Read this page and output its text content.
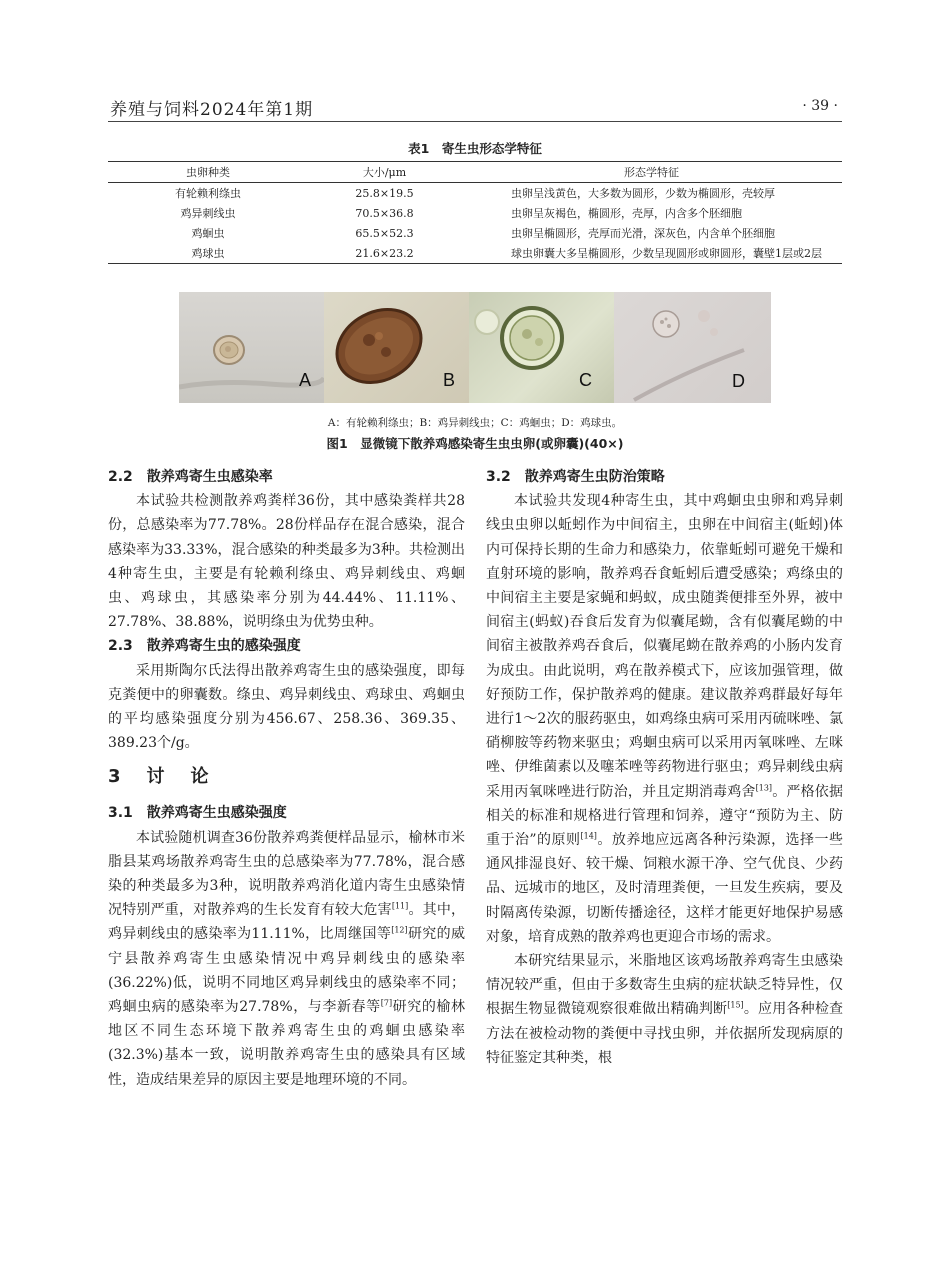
养殖与饲料2024年第1期	· 39 ·
表1　寄生虫形态学特征
虫卵种类	大小/μm	形态学特征
有轮赖利绦虫	25.8×19.5	虫卵呈浅黄色，大多数为圆形，少数为椭圆形，壳较厚
鸡异刺线虫	70.5×36.8	虫卵呈灰褐色，椭圆形，壳厚，内含多个胚细胞
鸡蛔虫	65.5×52.3	虫卵呈椭圆形，壳厚而光滑，深灰色，内含单个胚细胞
鸡球虫	21.6×23.2	球虫卵囊大多呈椭圆形，少数呈现圆形或卵圆形，囊壁1层或2层
A	B	C	D
A：有轮赖利绦虫；B：鸡异刺线虫；C：鸡蛔虫；D：鸡球虫。
图1　显微镜下散养鸡感染寄生虫虫卵(或卵囊)(40×)
2.2　散养鸡寄生虫感染率

本试验共检测散养鸡粪样36份，其中感染粪样共28份，总感染率为77.78%。28份样品存在混合感染，混合感染率为33.33%，混合感染的种类最多为3种。共检测出4种寄生虫，主要是有轮赖利绦虫、鸡异刺线虫、鸡蛔虫、鸡球虫，其感染率分别为44.44%、11.11%、27.78%、38.88%，说明绦虫为优势虫种。

2.3　散养鸡寄生虫的感染强度

采用斯陶尔氏法得出散养鸡寄生虫的感染强度，即每克粪便中的卵囊数。绦虫、鸡异刺线虫、鸡球虫、鸡蛔虫的平均感染强度分别为456.67、258.36、369.35、389.23个/g。

3　讨　论
3.1　散养鸡寄生虫感染强度

本试验随机调查36份散养鸡粪便样品显示，榆林市米脂县某鸡场散养鸡寄生虫的总感染率为77.78%，混合感染的种类最多为3种，说明散养鸡消化道内寄生虫感染情况特别严重，对散养鸡的生长发育有较大危害[11]。其中，鸡异刺线虫的感染率为11.11%，比周继国等[12]研究的威宁县散养鸡寄生虫感染情况中鸡异刺线虫的感染率(36.22%)低，说明不同地区鸡异刺线虫的感染率不同；鸡蛔虫病的感染率为27.78%，与李新春等[7]研究的榆林地区不同生态环境下散养鸡寄生虫的鸡蛔虫感染率(32.3%)基本一致，说明散养鸡寄生虫的感染具有区域性，造成结果差异的原因主要是地理环境的不同。

3.2　散养鸡寄生虫防治策略

本试验共发现4种寄生虫，其中鸡蛔虫虫卵和鸡异刺线虫虫卵以蚯蚓作为中间宿主，虫卵在中间宿主(蚯蚓)体内可保持长期的生命力和感染力，依靠蚯蚓可避免干燥和直射环境的影响，散养鸡吞食蚯蚓后遭受感染；鸡绦虫的中间宿主主要是家蝇和蚂蚁，成虫随粪便排至外界，被中间宿主(蚂蚁)吞食后发育为似囊尾蚴，含有似囊尾蚴的中间宿主被散养鸡吞食后，似囊尾蚴在散养鸡的小肠内发育为成虫。由此说明，鸡在散养模式下，应该加强管理，做好预防工作，保护散养鸡的健康。建议散养鸡群最好每年进行1～2次的服药驱虫，如鸡绦虫病可采用丙硫咪唑、氯硝柳胺等药物来驱虫；鸡蛔虫病可以采用丙氧咪唑、左咪唑、伊维菌素以及噻苯唑等药物进行驱虫；鸡异刺线虫病采用丙氧咪唑进行防治，并且定期消毒鸡舍[13]。严格依据相关的标准和规格进行管理和饲养，遵守“预防为主、防重于治”的原则[14]。放养地应远离各种污染源，选择一些通风排湿良好、较干燥、饲粮水源干净、空气优良、少药品、远城市的地区，及时清理粪便，一旦发生疾病，要及时隔离传染源，切断传播途径，这样才能更好地保护易感对象，培育成熟的散养鸡也更迎合市场的需求。

本研究结果显示，米脂地区该鸡场散养鸡寄生虫感染情况较严重，但由于多数寄生虫病的症状缺乏特异性，仅根据生物显微镜观察很难做出精确判断[15]。应用各种检查方法在被检动物的粪便中寻找虫卵，并依据所发现病原的特征鉴定其种类，根
